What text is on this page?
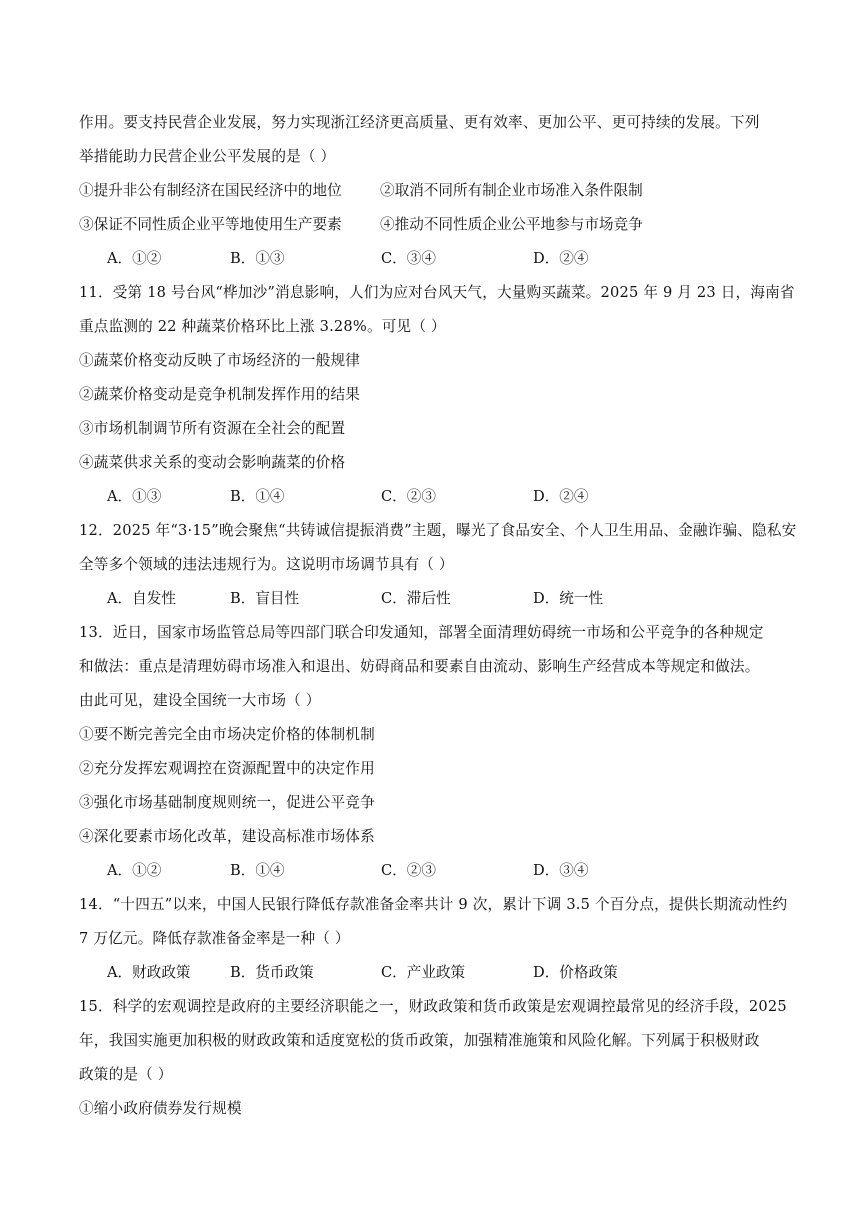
作用。要支持民营企业发展，努力实现浙江经济更高质量、更有效率、更加公平、更可持续的发展。下列
举措能助力民营企业公平发展的是（ ）
①提升非公有制经济在国民经济中的地位	②取消不同所有制企业市场准入条件限制
③保证不同性质企业平等地使用生产要素	④推动不同性质企业公平地参与市场竞争
A．①②	B．①③	C．③④	D．②④
11．受第 18 号台风“桦加沙”消息影响，人们为应对台风天气，大量购买蔬菜。2025 年 9 月 23 日，海南省
重点监测的 22 种蔬菜价格环比上涨 3.28%。可见（ ）
①蔬菜价格变动反映了市场经济的一般规律
②蔬菜价格变动是竞争机制发挥作用的结果
③市场机制调节所有资源在全社会的配置
④蔬菜供求关系的变动会影响蔬菜的价格
A．①③	B．①④	C．②③	D．②④
12．2025 年“3·15”晚会聚焦“共铸诚信提振消费”主题，曝光了食品安全、个人卫生用品、金融诈骗、隐私安
全等多个领域的违法违规行为。这说明市场调节具有（ ）
A．自发性	B．盲目性	C．滞后性	D．统一性
13．近日，国家市场监管总局等四部门联合印发通知，部署全面清理妨碍统一市场和公平竞争的各种规定
和做法：重点是清理妨碍市场准入和退出、妨碍商品和要素自由流动、影响生产经营成本等规定和做法。
由此可见，建设全国统一大市场（ ）
①要不断完善完全由市场决定价格的体制机制
②充分发挥宏观调控在资源配置中的决定作用
③强化市场基础制度规则统一，促进公平竞争
④深化要素市场化改革，建设高标准市场体系
A．①②	B．①④	C．②③	D．③④
14．“十四五”以来，中国人民银行降低存款准备金率共计 9 次，累计下调 3.5 个百分点，提供长期流动性约
7 万亿元。降低存款准备金率是一种（ ）
A．财政政策	B．货币政策	C．产业政策	D．价格政策
15．科学的宏观调控是政府的主要经济职能之一，财政政策和货币政策是宏观调控最常见的经济手段，2025
年，我国实施更加积极的财政政策和适度宽松的货币政策，加强精准施策和风险化解。下列属于积极财政
政策的是（ ）
①缩小政府债券发行规模
